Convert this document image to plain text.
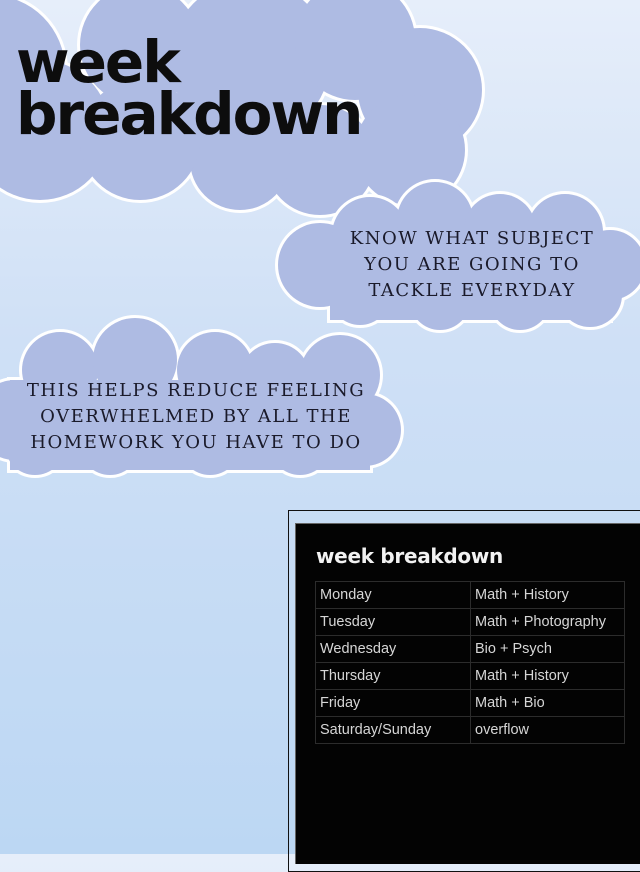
week
breakdown

KNOW WHAT SUBJECT
YOU ARE GOING TO
TACKLE EVERYDAY

THIS HELPS REDUCE FEELING
OVERWHELMED BY ALL THE
HOMEWORK YOU HAVE TO DO

week breakdown
Monday	Math + History
Tuesday	Math + Photography
Wednesday	Bio + Psych
Thursday	Math + History
Friday	Math + Bio
Saturday/Sunday	overflow
